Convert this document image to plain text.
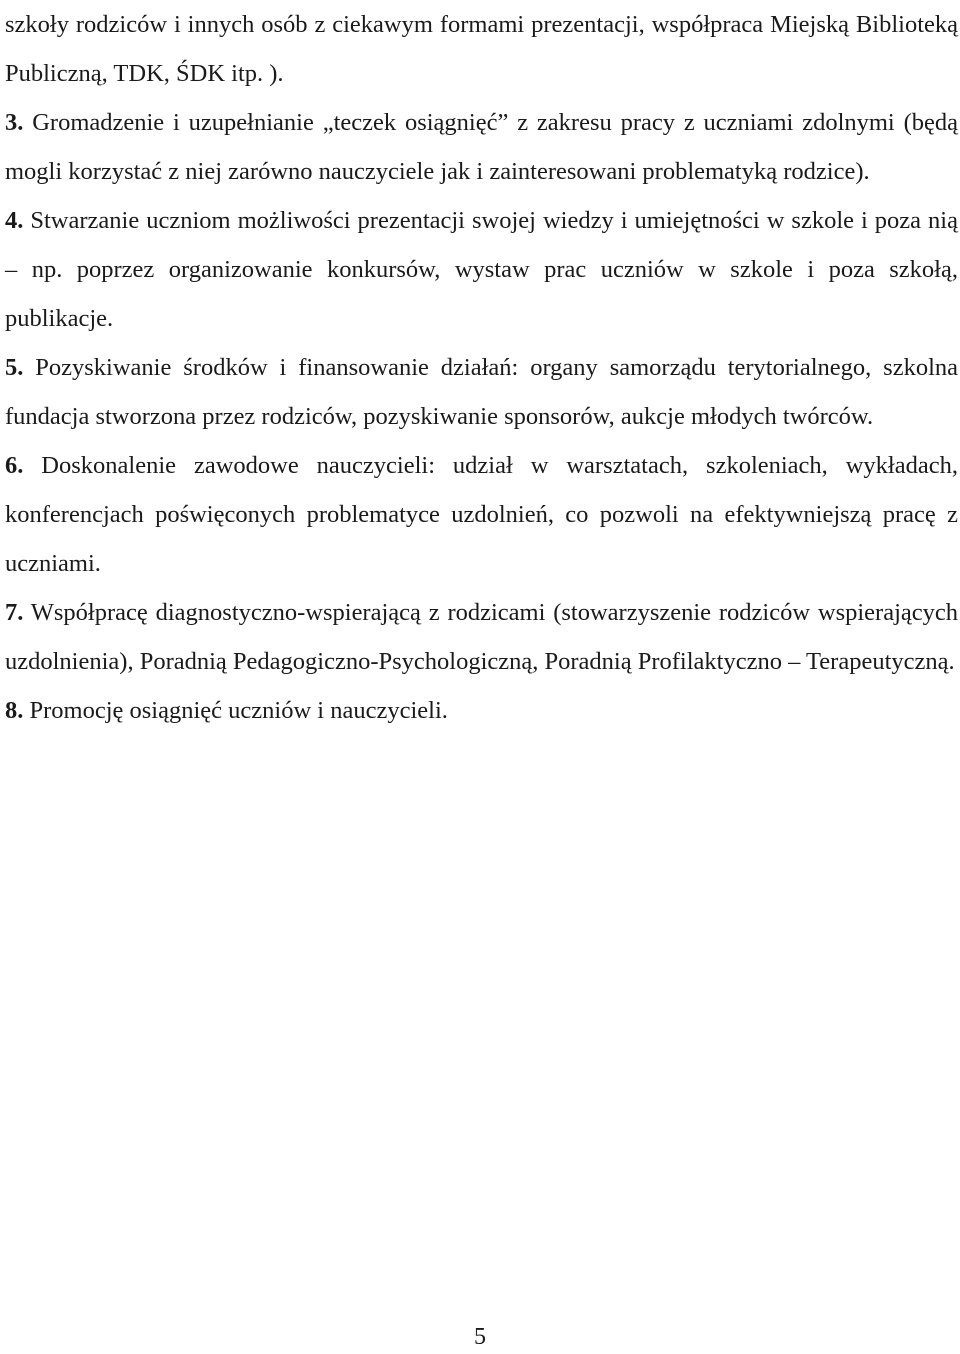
szkoły rodziców i innych osób z ciekawym formami prezentacji, współpraca Miejską Biblioteką Publiczną, TDK, ŚDK itp. ).

3. Gromadzenie i uzupełnianie „teczek osiągnięć” z zakresu pracy z uczniami zdolnymi (będą mogli korzystać z niej zarówno nauczyciele jak i zainteresowani problematyką rodzice).

4. Stwarzanie uczniom możliwości prezentacji swojej wiedzy i umiejętności w szkole i poza nią – np. poprzez organizowanie konkursów, wystaw prac uczniów w szkole i poza szkołą, publikacje.

5. Pozyskiwanie środków i finansowanie działań: organy samorządu terytorialnego, szkolna fundacja stworzona przez rodziców, pozyskiwanie sponsorów, aukcje młodych twórców.

6. Doskonalenie zawodowe nauczycieli: udział w warsztatach, szkoleniach, wykładach, konferencjach poświęconych problematyce uzdolnień, co pozwoli na efektywniejszą pracę z uczniami.

7. Współpracę diagnostyczno-wspierającą z rodzicami (stowarzyszenie rodziców wspierających uzdolnienia), Poradnią Pedagogiczno-Psychologiczną, Poradnią Profilaktyczno – Terapeutyczną.

8. Promocję osiągnięć uczniów i nauczycieli.

5
